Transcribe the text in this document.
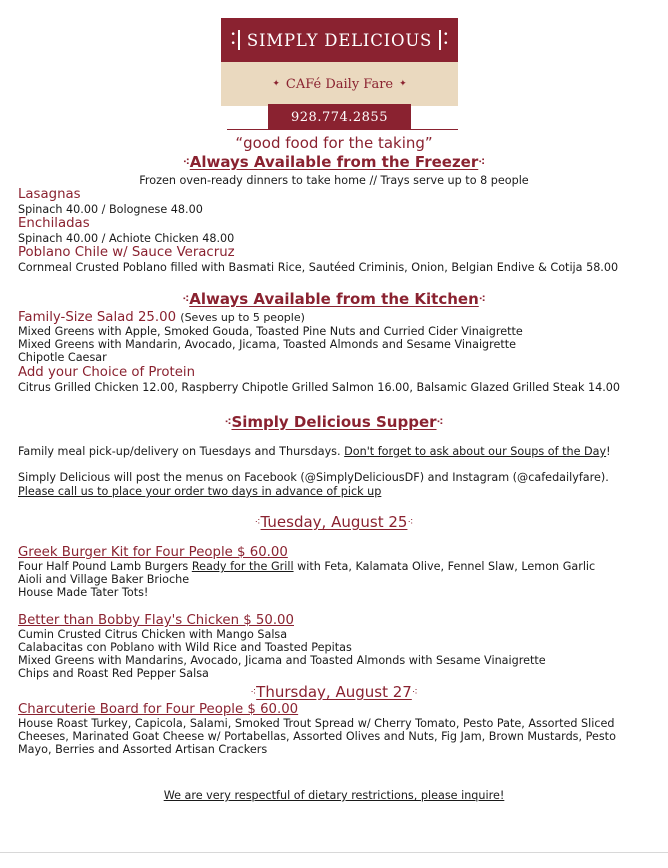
•
• SIMPLY DELICIOUS •
•
✦ CAFé Daily Fare ✦
928.774.2855
“good food for the taking”
⁖Always Available from the Freezer⁖
Frozen oven-ready dinners to take home // Trays serve up to 8 people
Lasagnas
Spinach 40.00 / Bolognese 48.00
Enchiladas
Spinach 40.00 / Achiote Chicken 48.00
Poblano Chile w/ Sauce Veracruz
Cornmeal Crusted Poblano filled with Basmati Rice, Sautéed Criminis, Onion, Belgian Endive & Cotija 58.00
⁖Always Available from the Kitchen⁖
Family-Size Salad 25.00 (Seves up to 5 people)
Mixed Greens with Apple, Smoked Gouda, Toasted Pine Nuts and Curried Cider Vinaigrette
Mixed Greens with Mandarin, Avocado, Jicama, Toasted Almonds and Sesame Vinaigrette
Chipotle Caesar
Add your Choice of Protein
Citrus Grilled Chicken 12.00, Raspberry Chipotle Grilled Salmon 16.00, Balsamic Glazed Grilled Steak 14.00
⁖Simply Delicious Supper⁖
Family meal pick-up/delivery on Tuesdays and Thursdays. Don't forget to ask about our Soups of the Day!
Simply Delicious will post the menus on Facebook (@SimplyDeliciousDF) and Instagram (@cafedailyfare).
Please call us to place your order two days in advance of pick up
⁖Tuesday, August 25⁖
Greek Burger Kit for Four People $ 60.00
Four Half Pound Lamb Burgers Ready for the Grill with Feta, Kalamata Olive, Fennel Slaw, Lemon Garlic
Aioli and Village Baker Brioche
House Made Tater Tots!
Better than Bobby Flay's Chicken $ 50.00
Cumin Crusted Citrus Chicken with Mango Salsa
Calabacitas con Poblano with Wild Rice and Toasted Pepitas
Mixed Greens with Mandarins, Avocado, Jicama and Toasted Almonds with Sesame Vinaigrette
Chips and Roast Red Pepper Salsa
⁖Thursday, August 27⁖
Charcuterie Board for Four People $ 60.00
House Roast Turkey, Capicola, Salami, Smoked Trout Spread w/ Cherry Tomato, Pesto Pate, Assorted Sliced
Cheeses, Marinated Goat Cheese w/ Portabellas, Assorted Olives and Nuts, Fig Jam, Brown Mustards, Pesto
Mayo, Berries and Assorted Artisan Crackers
We are very respectful of dietary restrictions, please inquire!
